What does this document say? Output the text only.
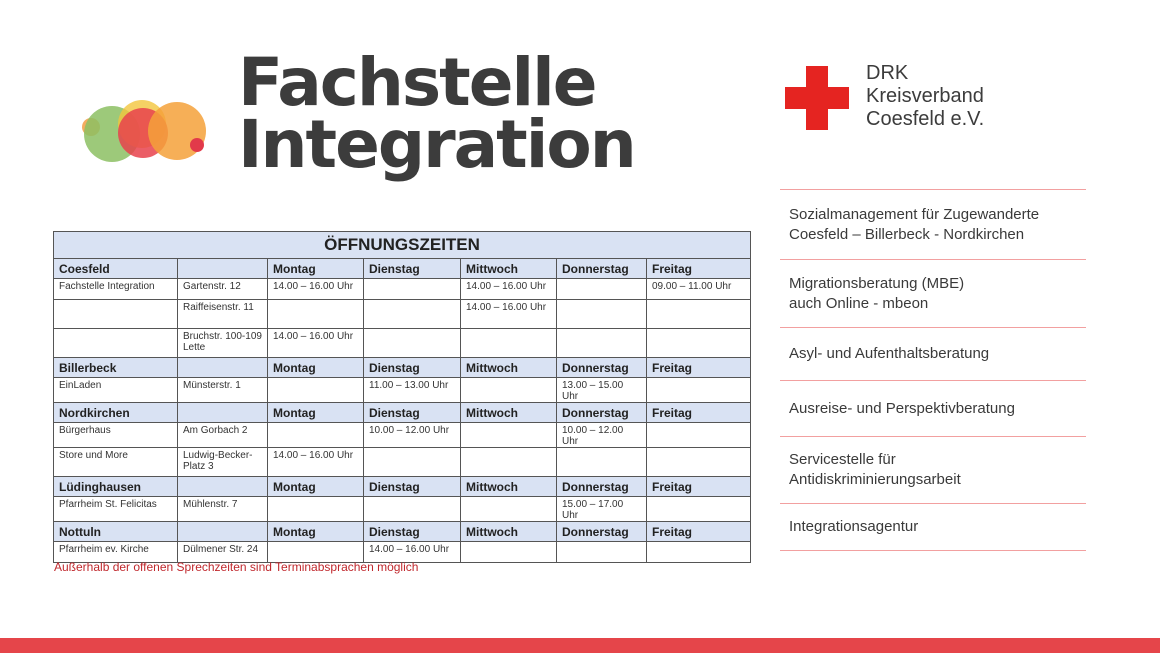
Fachstelle
Integration
DRK
Kreisverband
Coesfeld e.V.
Sozialmanagement für Zugewanderte
Coesfeld – Billerbeck - Nordkirchen
Migrationsberatung (MBE)
auch Online - mbeon
Asyl- und Aufenthaltsberatung
Ausreise- und Perspektivberatung
Servicestelle für
Antidiskriminierungsarbeit
Integrationsagentur
ÖFFNUNGSZEITEN						
Coesfeld		Montag	Dienstag	Mittwoch	Donnerstag	Freitag
Fachstelle Integration	Gartenstr. 12	14.00 – 16.00 Uhr		14.00 – 16.00 Uhr		09.00 – 11.00 Uhr
	Raiffeisenstr. 11			14.00 – 16.00 Uhr		
	Bruchstr. 100-109 Lette	14.00 – 16.00 Uhr				
Billerbeck		Montag	Dienstag	Mittwoch	Donnerstag	Freitag
EinLaden	Münsterstr. 1		11.00 – 13.00 Uhr		13.00 – 15.00 Uhr	
Nordkirchen		Montag	Dienstag	Mittwoch	Donnerstag	Freitag
Bürgerhaus	Am Gorbach 2		10.00 – 12.00 Uhr		10.00 – 12.00 Uhr	
Store und More	Ludwig-Becker-Platz 3	14.00 – 16.00 Uhr				
Lüdinghausen		Montag	Dienstag	Mittwoch	Donnerstag	Freitag
Pfarrheim St. Felicitas	Mühlenstr. 7				15.00 – 17.00 Uhr	
Nottuln		Montag	Dienstag	Mittwoch	Donnerstag	Freitag
Pfarrheim ev. Kirche	Dülmener Str. 24		14.00 – 16.00 Uhr			
Außerhalb der offenen Sprechzeiten sind Terminabsprachen möglich
